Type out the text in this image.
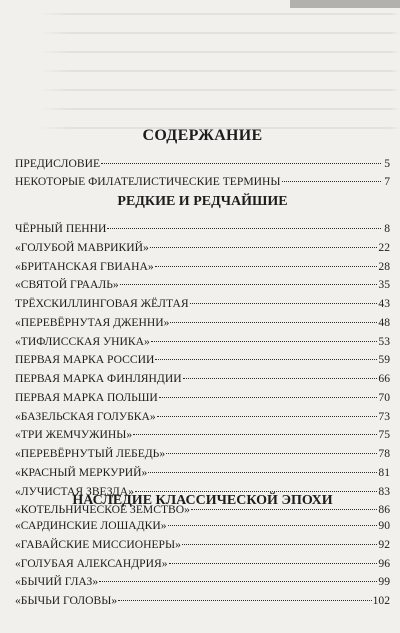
СОДЕРЖАНИЕ
ПРЕДИСЛОВИЕ	5
НЕКОТОРЫЕ ФИЛАТЕЛИСТИЧЕСКИЕ ТЕРМИНЫ	7
РЕДКИЕ И РЕДЧАЙШИЕ
ЧЁРНЫЙ ПЕННИ	8
«ГОЛУБОЙ МАВРИКИЙ»	22
«БРИТАНСКАЯ ГВИАНА»	28
«СВЯТОЙ ГРААЛЬ»	35
ТРЁХСКИЛЛИНГОВАЯ ЖЁЛТАЯ	43
«ПЕРЕВЁРНУТАЯ ДЖЕННИ»	48
«ТИФЛИССКАЯ УНИКА»	53
ПЕРВАЯ МАРКА РОССИИ	59
ПЕРВАЯ МАРКА ФИНЛЯНДИИ	66
ПЕРВАЯ МАРКА ПОЛЬШИ	70
«БАЗЕЛЬСКАЯ ГОЛУБКА»	73
«ТРИ ЖЕМЧУЖИНЫ»	75
«ПЕРЕВЁРНУТЫЙ ЛЕБЕДЬ»	78
«КРАСНЫЙ МЕРКУРИЙ»	81
«ЛУЧИСТАЯ ЗВЕЗДА»	83
«КОТЕЛЬНИЧЕСКОЕ ЗЕМСТВО»	86
НАСЛЕДИЕ КЛАССИЧЕСКОЙ ЭПОХИ
«САРДИНСКИЕ ЛОШАДКИ»	90
«ГАВАЙСКИЕ МИССИОНЕРЫ»	92
«ГОЛУБАЯ АЛЕКСАНДРИЯ»	96
«БЫЧИЙ ГЛАЗ»	99
«БЫЧЬИ ГОЛОВЫ»	102
